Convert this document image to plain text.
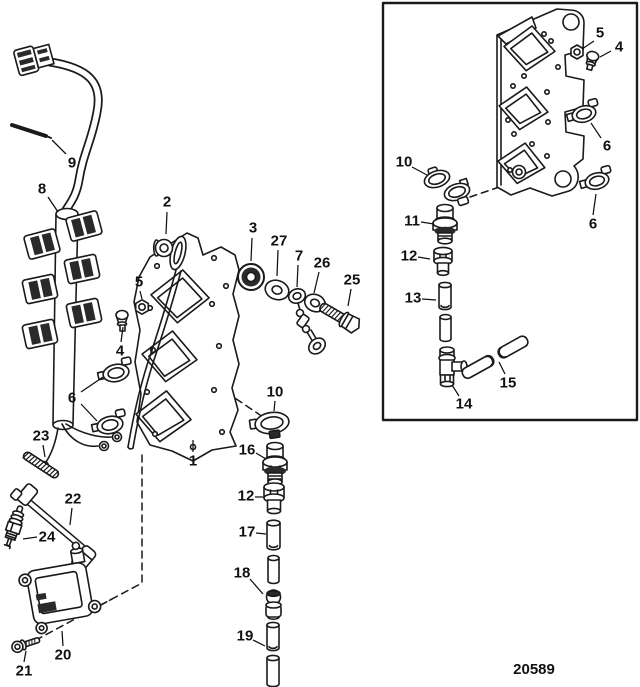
1
2
3
4
5
6
7
8
9
10
16
12
17
18
19
20
21
22
23
24
25
26
27
5
4
6
6
10
11
12
13
14
15
20589
